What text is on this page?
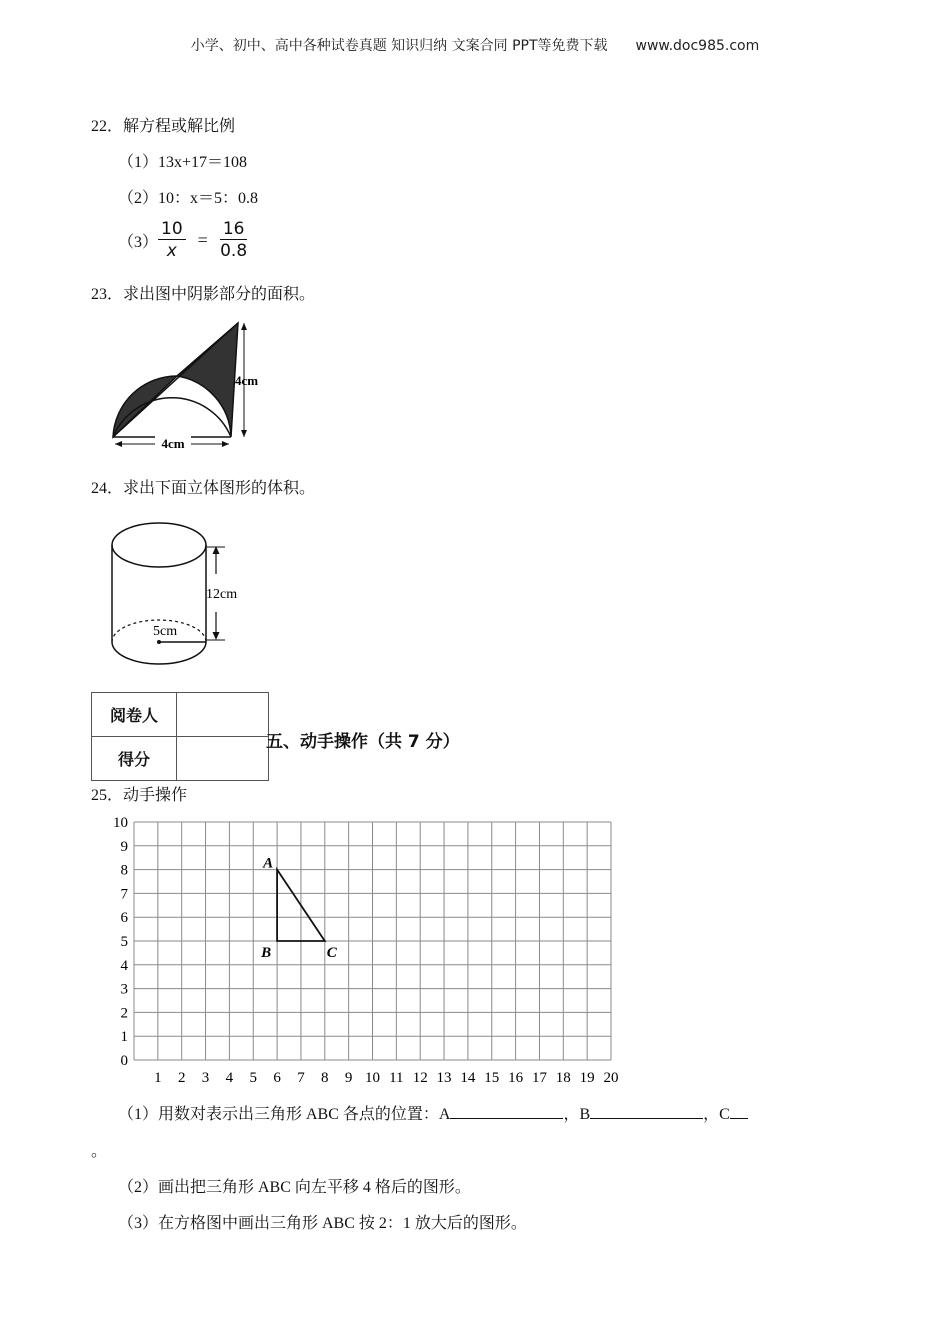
小学、初中、高中各种试卷真题 知识归纳 文案合同 PPT等免费下载 www.doc985.com
22．解方程或解比例
（1）13x+17＝108
（2）10：x＝5：0.8
$(3) \frac{10}{x} = \frac{16}{0.8}$
23．求出图中阴影部分的面积。
4cm
4cm
24．求出下面立体图形的体积。
5cm
12cm
阅卷人	
得分	
五、动手操作（共 7 分）
25．动手操作
1 2 3 4 5 6 7 8 9 10 11 12 13 14 15 16 17 18 19 20
0
1
2
3
4
5
6
7
8
9
10
A
B	C
（1）用数对表示出三角形 ABC 各点的位置：A	，B	，C
。
（2）画出把三角形 ABC 向左平移 4 格后的图形。
（3）在方格图中画出三角形 ABC 按 2：1 放大后的图形。
